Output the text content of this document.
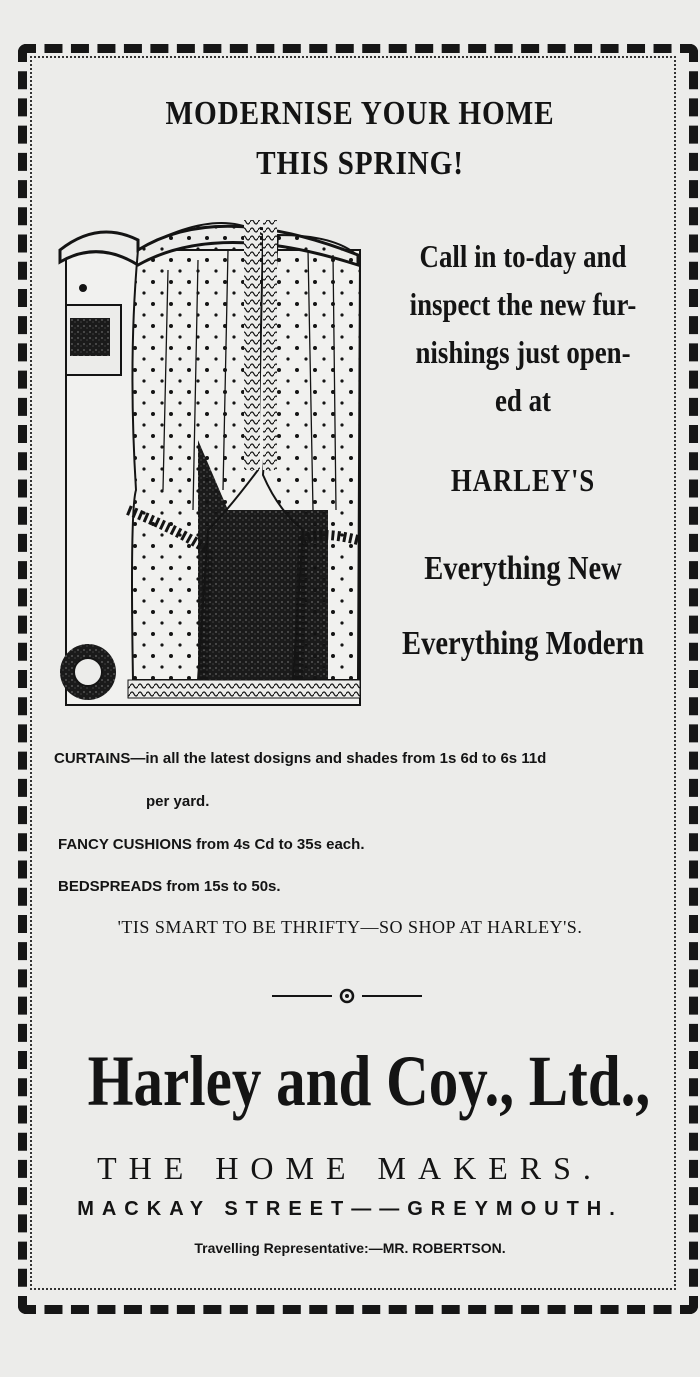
MODERNISE YOUR HOME
THIS SPRING!
Call in to-day and
inspect the new fur-
nishings just open-
ed at
HARLEY'S
Everything New
Everything Modern
CURTAINS—in all the latest dosigns and shades from 1s 6d to 6s 11d
per yard.
FANCY CUSHIONS from 4s Cd to 35s each.
BEDSPREADS from 15s to 50s.
'TIS SMART TO BE THRIFTY—SO SHOP AT HARLEY'S.
Harley and Coy., Ltd.,
THE HOME MAKERS.
MACKAY STREET——GREYMOUTH.
Travelling Representative:—MR. ROBERTSON.
